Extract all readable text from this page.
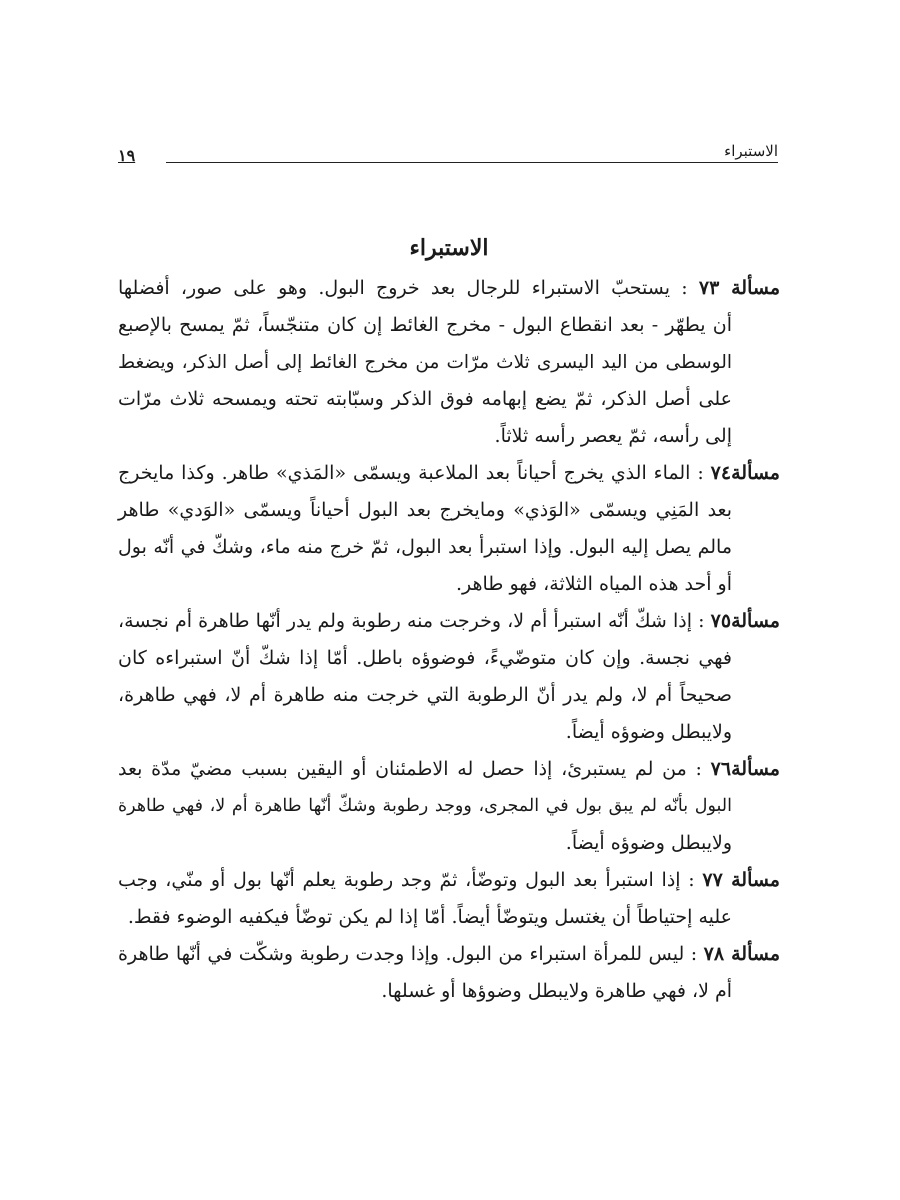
١٩	الاستبراء
الاستبراء
مسألة ٧٣ : يستحبّ الاستبراء للرجال بعد خروج البول. وهو على صور، أفضلها
أن يطهّر - بعد انقطاع البول - مخرج الغائط إن كان متنجّساً، ثمّ يمسح بالإصبع
الوسطى من اليد اليسرى ثلاث مرّات من مخرج الغائط إلى أصل الذكر، ويضغط
على أصل الذكر، ثمّ يضع إبهامه فوق الذكر وسبّابته تحته ويمسحه ثلاث مرّات
إلى رأسه، ثمّ يعصر رأسه ثلاثاً.
مسألة٧٤ : الماء الذي يخرج أحياناً بعد الملاعبة ويسمّى «المَذي» طاهر. وكذا مايخرج
بعد المَنِي ويسمّى «الوَذي» ومايخرج بعد البول أحياناً ويسمّى «الوَدي» طاهر
مالم يصل إليه البول. وإذا استبرأ بعد البول، ثمّ خرج منه ماء، وشكّ في أنّه بول
أو أحد هذه المياه الثلاثة، فهو طاهر.
مسألة٧٥ : إذا شكّ أنّه استبرأ أم لا، وخرجت منه رطوبة ولم يدر أنّها طاهرة أم نجسة،
فهي نجسة. وإن كان متوضّيءً، فوضوؤه باطل. أمّا إذا شكّ أنّ استبراءه كان
صحيحاً أم لا، ولم يدر أنّ الرطوبة التي خرجت منه طاهرة أم لا، فهي طاهرة،
ولايبطل وضوؤه أيضاً.
مسألة٧٦ : من لم يستبرئ، إذا حصل له الاطمئنان أو اليقين بسبب مضيّ مدّة بعد
البول بأنّه لم يبق بول في المجرى، ووجد رطوبة وشكّ أنّها طاهرة أم لا، فهي طاهرة
ولايبطل وضوؤه أيضاً.
مسألة ٧٧ : إذا استبرأ بعد البول وتوضّأ، ثمّ وجد رطوبة يعلم أنّها بول أو منّي، وجب
عليه إحتياطاً أن يغتسل ويتوضّأ أيضاً. أمّا إذا لم يكن توضّأ فيكفيه الوضوء فقط.
مسألة ٧٨ : ليس للمرأة استبراء من البول. وإذا وجدت رطوبة وشكّت في أنّها طاهرة
أم لا، فهي طاهرة ولايبطل وضوؤها أو غسلها.
